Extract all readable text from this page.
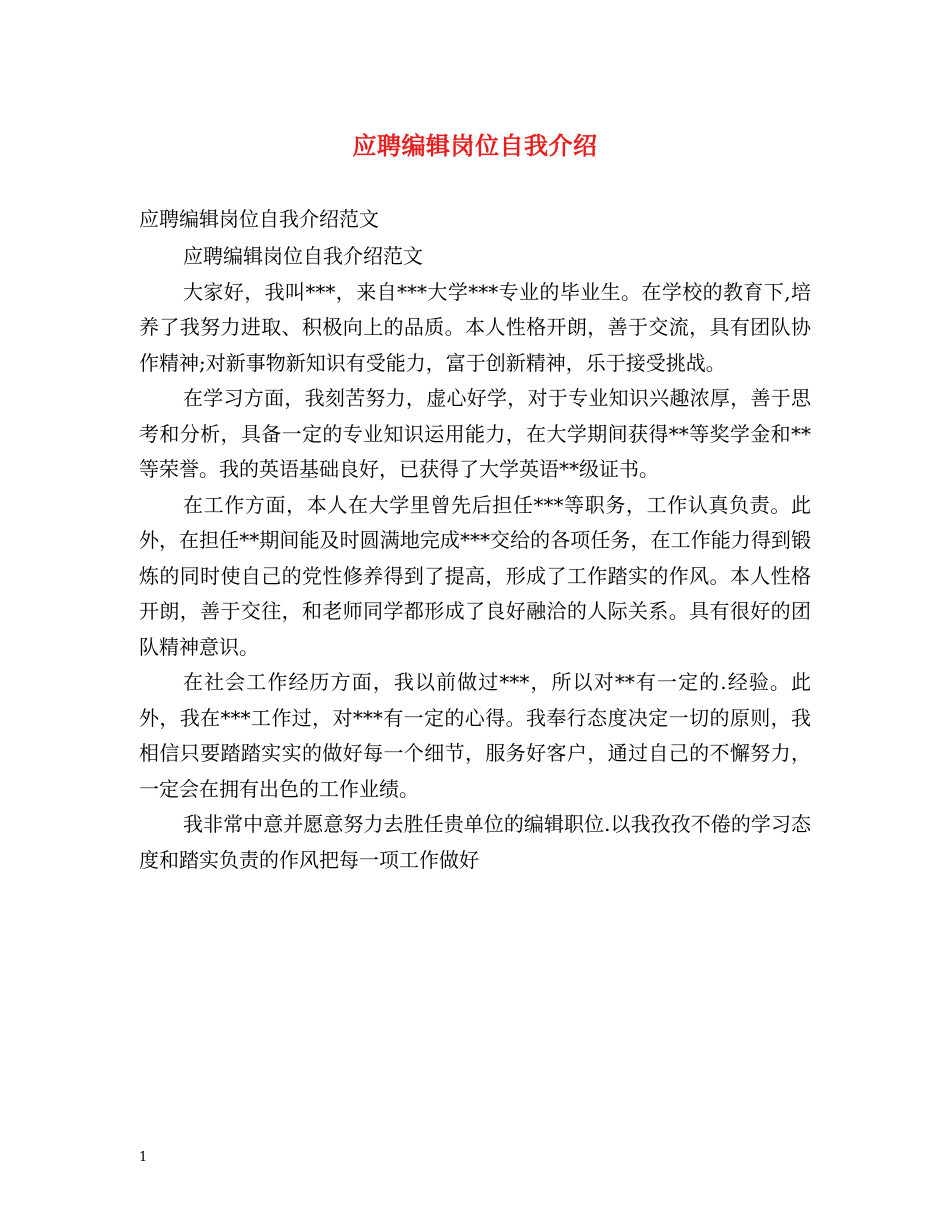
应聘编辑岗位自我介绍
应聘编辑岗位自我介绍范文

应聘编辑岗位自我介绍范文

大家好，我叫***，来自***大学***专业的毕业生。在学校的教育下,培养了我努力进取、积极向上的品质。本人性格开朗，善于交流，具有团队协作精神;对新事物新知识有受能力，富于创新精神，乐于接受挑战。

在学习方面，我刻苦努力，虚心好学，对于专业知识兴趣浓厚，善于思考和分析，具备一定的专业知识运用能力，在大学期间获得**等奖学金和**等荣誉。我的英语基础良好，已获得了大学英语**级证书。

在工作方面，本人在大学里曾先后担任***等职务，工作认真负责。此外，在担任**期间能及时圆满地完成***交给的各项任务，在工作能力得到锻炼的同时使自己的党性修养得到了提高，形成了工作踏实的作风。本人性格开朗，善于交往，和老师同学都形成了良好融洽的人际关系。具有很好的团队精神意识。

在社会工作经历方面，我以前做过***，所以对**有一定的.经验。此外，我在***工作过，对***有一定的心得。我奉行态度决定一切的原则，我相信只要踏踏实实的做好每一个细节，服务好客户，通过自己的不懈努力，一定会在拥有出色的工作业绩。

我非常中意并愿意努力去胜任贵单位的编辑职位.以我孜孜不倦的学习态度和踏实负责的作风把每一项工作做好

1
